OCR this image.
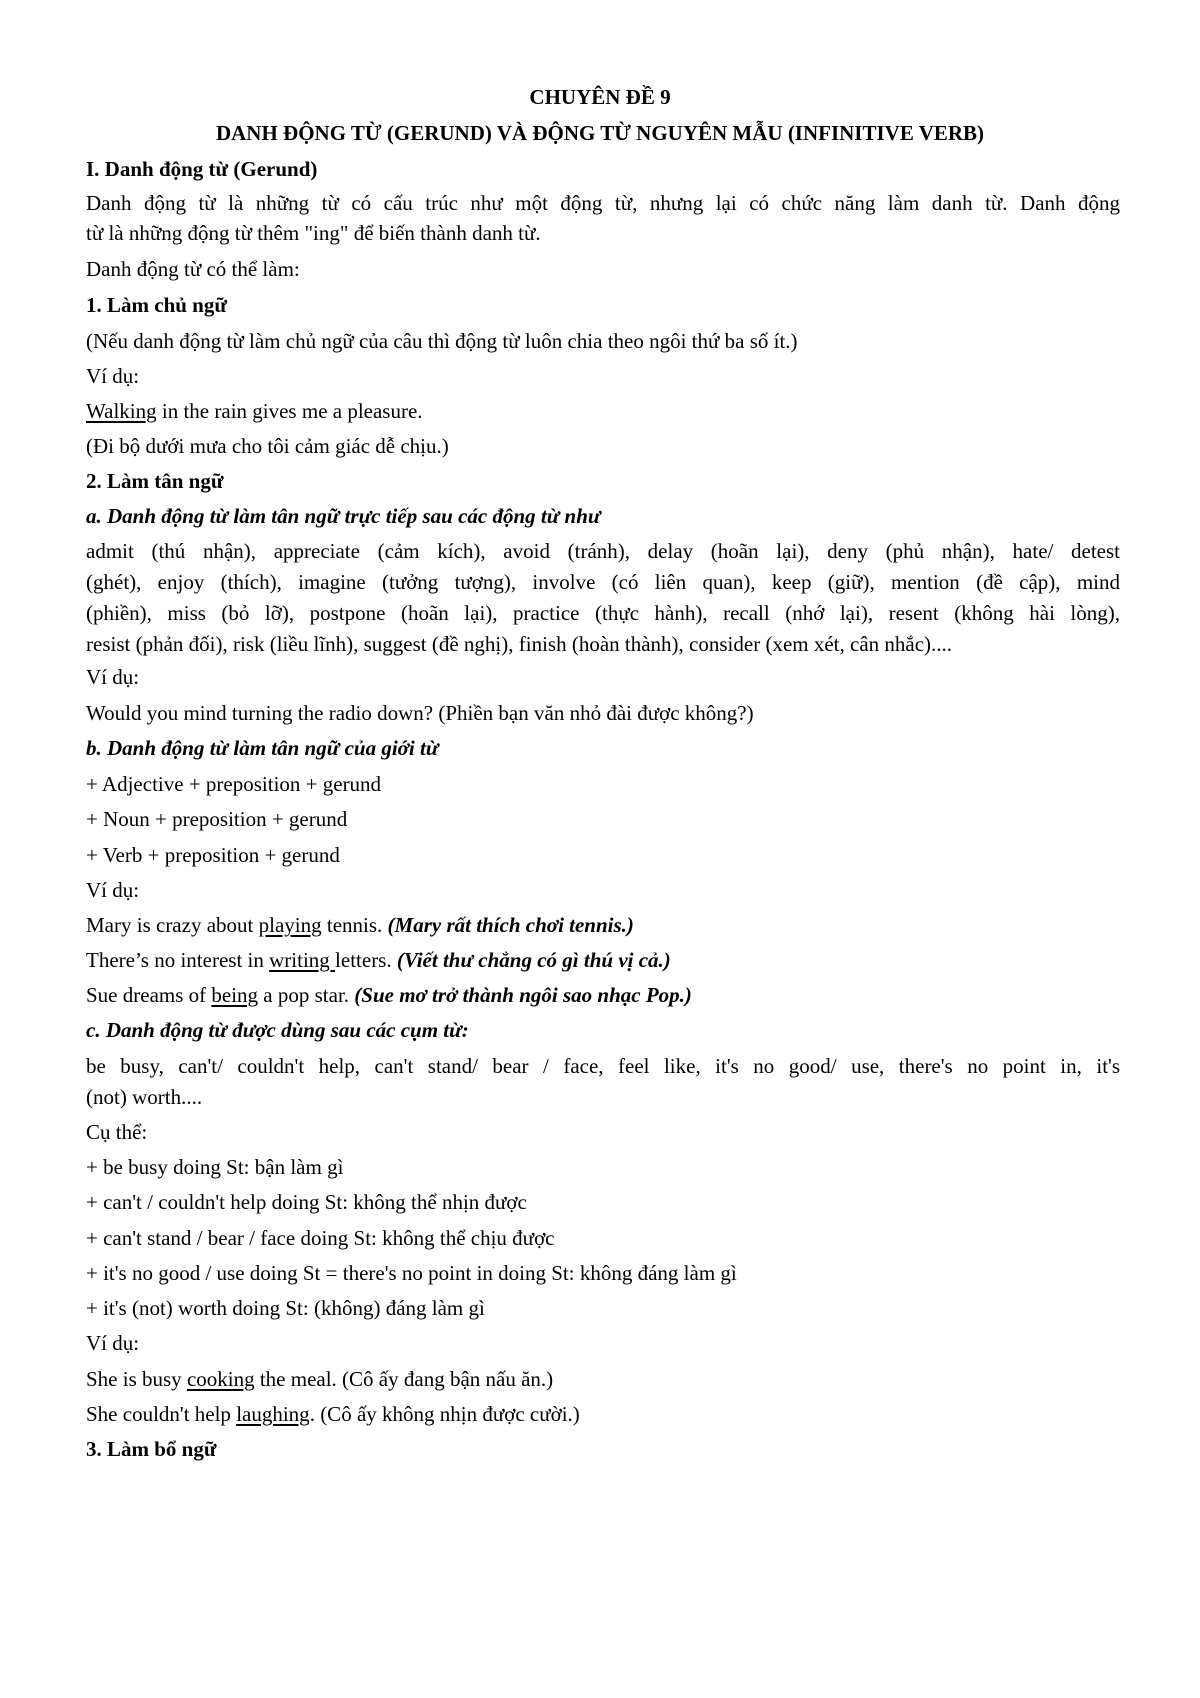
CHUYÊN ĐỀ 9
DANH ĐỘNG TỪ (GERUND) VÀ ĐỘNG TỪ NGUYÊN MẪU (INFINITIVE VERB)
I. Danh động từ (Gerund)
Danh động từ là những từ có cấu trúc như một động từ, nhưng lại có chức năng làm danh từ. Danh động
từ là những động từ thêm "ing" để biến thành danh từ.
Danh động từ có thể làm:
1. Làm chủ ngữ
(Nếu danh động từ làm chủ ngữ của câu thì động từ luôn chia theo ngôi thứ ba số ít.)
Ví dụ:
Walking in the rain gives me a pleasure.
(Đi bộ dưới mưa cho tôi cảm giác dễ chịu.)
2. Làm tân ngữ
a. Danh động từ làm tân ngữ trực tiếp sau các động từ như
admit (thú nhận), appreciate (cảm kích), avoid (tránh), delay (hoãn lại), deny (phủ nhận), hate/ detest
(ghét), enjoy (thích), imagine (tưởng tượng), involve (có liên quan), keep (giữ), mention (đề cập), mind
(phiền), miss (bỏ lỡ), postpone (hoãn lại), practice (thực hành), recall (nhớ lại), resent (không hài lòng),
resist (phản đối), risk (liều lĩnh), suggest (đề nghị), finish (hoàn thành), consider (xem xét, cân nhắc)....
Ví dụ:
Would you mind turning the radio down? (Phiền bạn văn nhỏ đài được không?)
b. Danh động từ làm tân ngữ của giới từ
+ Adjective + preposition + gerund
+ Noun + preposition + gerund
+ Verb + preposition + gerund
Ví dụ:
Mary is crazy about playing tennis. (Mary rất thích chơi tennis.)
There’s no interest in writing letters. (Viết thư chẳng có gì thú vị cả.)
Sue dreams of being a pop star. (Sue mơ trở thành ngôi sao nhạc Pop.)
c. Danh động từ được dùng sau các cụm từ:
be busy, can't/ couldn't help, can't stand/ bear / face, feel like, it's no good/ use, there's no point in, it's
(not) worth....
Cụ thể:
+ be busy doing St: bận làm gì
+ can't / couldn't help doing St: không thể nhịn được
+ can't stand / bear / face doing St: không thể chịu được
+ it's no good / use doing St = there's no point in doing St: không đáng làm gì
+ it's (not) worth doing St: (không) đáng làm gì
Ví dụ:
She is busy cooking the meal. (Cô ấy đang bận nấu ăn.)
She couldn't help laughing. (Cô ấy không nhịn được cười.)
3. Làm bổ ngữ
